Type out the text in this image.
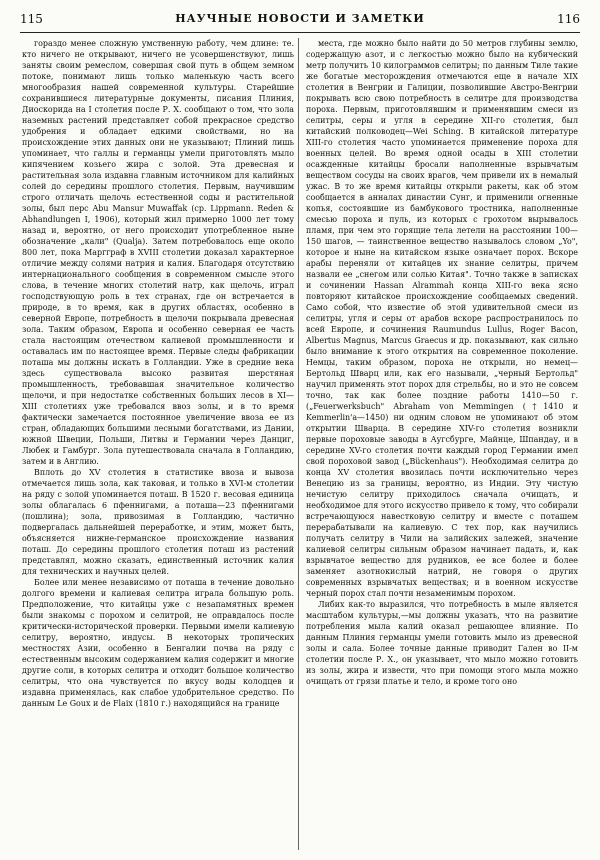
115	НАУЧНЫЕ НОВОСТИ И ЗАМЕТКИ	116

гораздо менее сложную умственную работу, чем длине: те. кто ничего не открывают, ничего не усовершенствуют, лишь заняты своим ремеслом, совершая свой путь в общем земном потоке, понимают лишь только маленькую часть всего многообразия нашей современной культуры. Старейшие сохранившиеся литературные документы, писания Плиния, Диоскорида на I столетия после Р. Х. сообщают о том, что зола наземных растений представляет собой прекрасное средство удобрения и обладает едкими свойствами, но на происхождение этих данных они не указывают; Плиний лишь упоминает, что галлы и германцы умели приготовлять мыло кипячением козьего жира с золой. Эта древесная и растительная зола издавна главным источником для калийных солей до середины прошлого столетия. Первым, научившим строго отличать щелочь естественной соды и растительной золы, был перс Abu Mansur Muwaffak (ср. Lippmann. Reden & Abhandlungen I, 1906), который жил примерно 1000 лет тому назад и, вероятно, от него происходит употребленное ныне обозначение „кали" (Qualja). Затем потребовалось еще около 800 лет, пока Маргграф в XVIII столетии доказал характерное отличие между солями натрия и калия. Благодаря отсутствию интернационального сообщения в современном смысле этого слова, в течение многих столетий натр, как щелочь, играл господствующую роль в тех странах, где он встречается в природе, в то время, как в других областях, особенно в северной Европе, потребность в щелочи покрывала древесная зола. Таким образом, Европа и особенно северная ее часть стала настоящим отечеством калиевой промышленности и оставалась им по настоящее время. Первые следы фабрикации поташа мы должны искать в Голландии. Уже в средние века здесь существовала высоко развитая шерстяная промышленность, требовавшая значительное количество щелочи, и при недостатке собственных больших лесов в XI—XIII столетиях уже требовался ввоз золы, и в то время фактически замечается постоянное увеличение ввоза ее из стран, обладающих большими лесными богатствами, из Дании, южной Швеции, Польши, Литвы и Германии через Данциг, Любек и Гамбург. Зола путешествовала сначала в Голландию, затем и в Англию.

Вплоть до XV столетия в статистике ввоза и вывоза отмечается лишь зола, как таковая, и только в XVI-м столетии на ряду с золой упоминается поташ. В 1520 г. весовая единица золы облагалась 6 пфеннигами, а поташа—23 пфеннигами (пошлина); зола, привозимая в Голландию, частично подвергалась дальнейшей переработке, и этим, может быть, объясняется нижне-германское происхождение названия поташ. До середины прошлого столетия поташ из растений представлял, можно сказать, единственный источник калия для технических и научных целей.

Более или менее независимо от поташа в течение довольно долгого времени и калиевая селитра играла большую роль. Предположение, что китайцы уже с незапамятных времен были знакомы с порохом и селитрой, не оправдалось после критически-исторической проверки. Первыми имели калиевую селитру, вероятно, индусы. В некоторых тропических местностях Азии, особенно в Бенгалии почва на ряду с естественным высоким содержанием калия содержит и многие другие соли, в которых селитра и отходит большое количество селитры, что она чувствуется по вкусу воды колодцев и издавна применялась, как слабое удобрительное средство. По данным Le Goux и de Flaix (1810 г.) находящийся на границе

места, где можно было найти до 50 метров глубины землю, содержащую азот, и с легкостью можно было на кубический метр получить 10 килограммов селитры; по данным Тиле такие же богатые месторождения отмечаются еще в начале XIX столетия в Венгрии и Галиции, позволившие Австро-Венгрии покрывать всю свою потребность в селитре для производства пороха. Первым, приготовлявшим и применявшим смеси из селитры, серы и угля в середине XII-го столетия, был китайский полководец—Wei Sching. В китайской литературе XIII-го столетия часто упоминается применение пороха для военных целей. Во время одной осады в XIII столетии осажденные китайцы бросали наполненные взрывчатым веществом сосуды на своих врагов, чем привели их в немалый ужас. В то же время китайцы открыли ракеты, как об этом сообщается в анналах династии Сунг, и применили огненные копья, состоявшие из бамбукового тростника, наполненные смесью пороха и пуль, из которых с грохотом вырывалось пламя, при чем это горящие тела летели на расстоянии 100—150 шагов, — таинственное вещество называлось словом „Yo", которое и ныне на китайском языке означает порох. Вскоре арабы переняли от китайцев их знание селитры, причем назвали ее „снегом или солью Китая". Точно также в записках и сочинении Hassan Alrammah конца XIII-го века ясно повторяют китайское происхождение сообщаемых сведений. Само собой, что известие об этой удивительной смеси из селитры, угля и серы от арабов вскоре распространилось по всей Европе, и сочинения Raumundus Lullus, Roger Bacon, Albertus Magnus, Marcus Graecus и др. показывают, как сильно было внимание к этого открытия на современное поколение. Немцы, таким образом, пороха не открыли, но немец—Бертольд Шварц или, как его называли, „черный Бертольд" научил применять этот порох для стрельбы, но и это не совсем точно, так как более поздние работы 1410—50 г. („Feuerwerksbuch" Abraham von Memmingen (†1410 и Kemmerlin'a—1450) ни одним словом не упоминают об этом открытии Шварца. В середине XIV-го столетия возникли первые пороховые заводы в Аугсбурге, Майнце, Шпандау, и в середине XV-го столетия почти каждый город Германии имел свой пороховой завод („Bückenhaus"). Необходимая селитра до конца XV столетия ввозилась почти исключительно через Венецию из за границы, вероятно, из Индии. Эту чистую нечистую селитру приходилось сначала очищать, и необходимое для этого искусство привело к тому, что собирали встречающуюся навестковую селитру и вместе с поташем перерабатывали на калиевую. С тех пор, как научились получать селитру в Чили на залийских залежей, значение калиевой селитры сильным образом начинает падать, и, как взрывчатое вещество для рудников, ее все более и более заменяет азотнокислый натрий, не говоря о других современных взрывчатых веществах; и в военном искусстве черный порох стал почти незаменимым порохом.

Либих как-то выразился, что потребность в мыле является масштабом культуры,—мы должны указать, что на развитие потребления мыла калий оказал решающее влияние. По данным Плиния германцы умели готовить мыло из древесной золы и сала. Более точные данные приводит Гален во II-м столетии после Р. Х., он указывает, что мыло можно готовить из золы, жира и извести, что при помощи этого мыла можно очищать от грязи платье и тело, и кроме того оно
